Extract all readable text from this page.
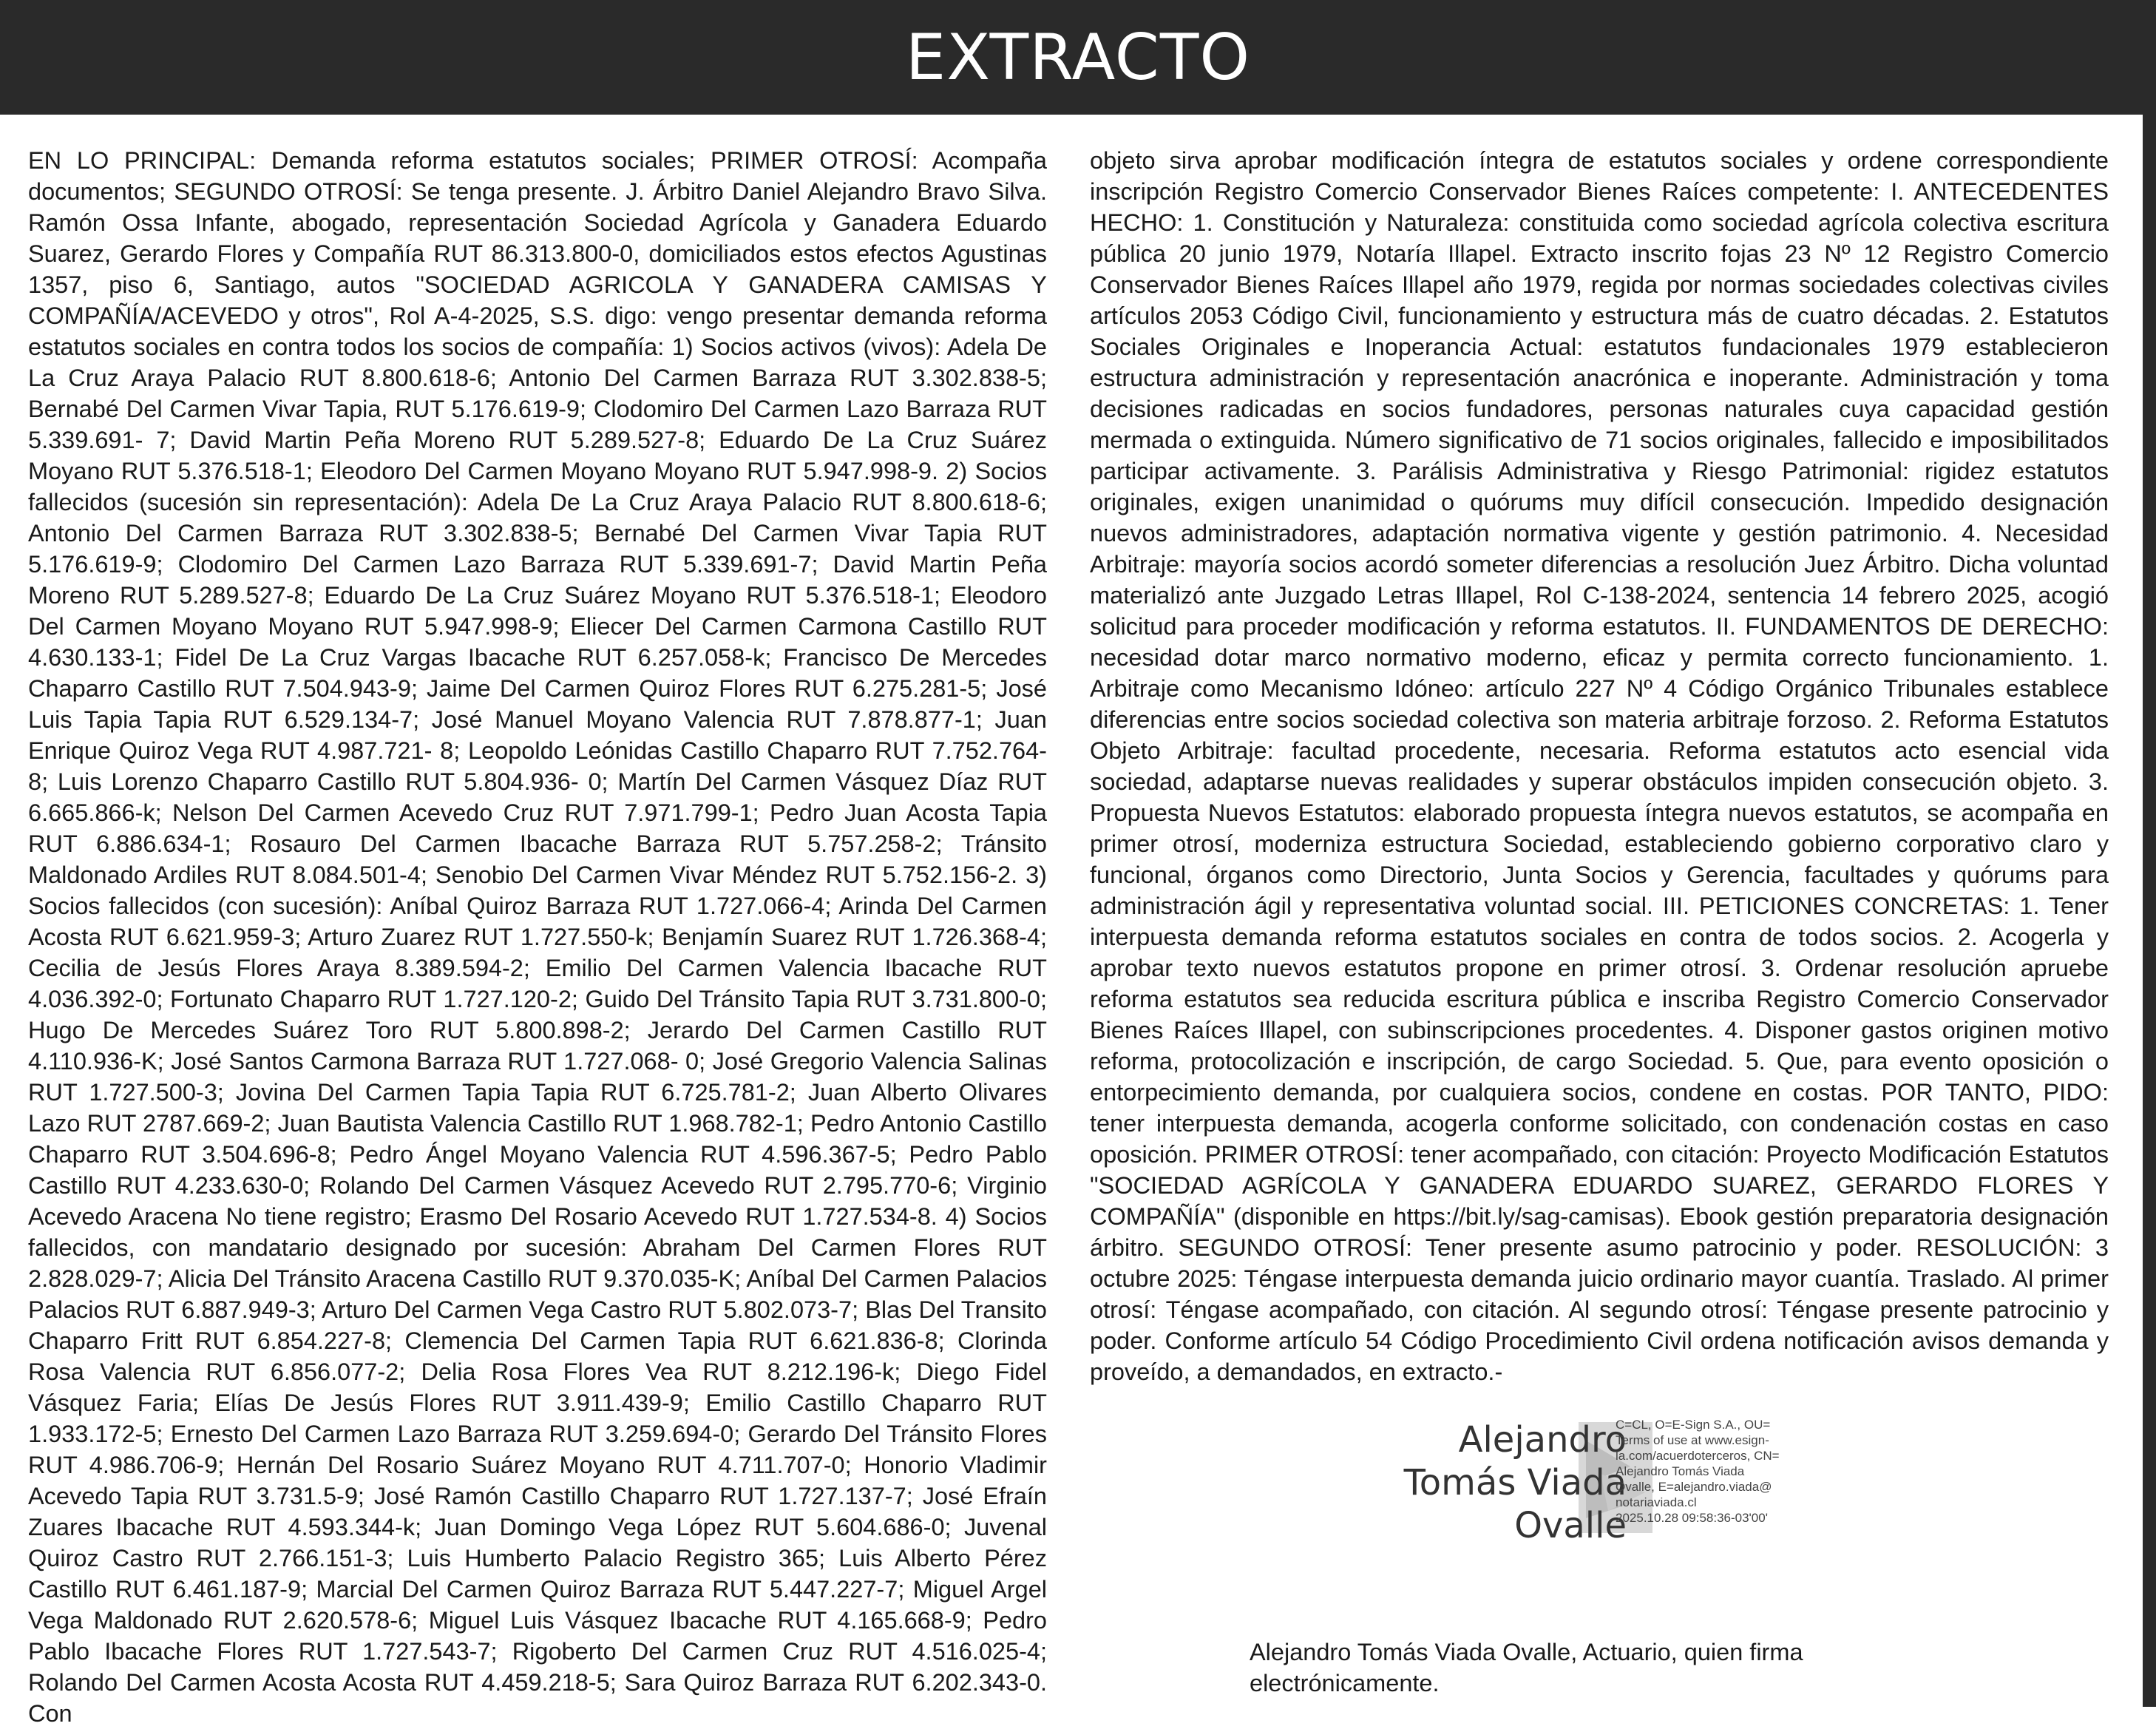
EXTRACTO
EN LO PRINCIPAL: Demanda reforma estatutos sociales; PRIMER OTROSÍ: Acompaña documentos; SEGUNDO OTROSÍ: Se tenga presente. J. Árbitro Daniel Alejandro Bravo Silva. Ramón Ossa Infante, abogado, representación Sociedad Agrícola y Ganadera Eduardo Suarez, Gerardo Flores y Compañía RUT 86.313.800-0, domiciliados estos efectos Agustinas 1357, piso 6, Santiago, autos "SOCIEDAD AGRICOLA Y GANADERA CAMISAS Y COMPAÑÍA/ACEVEDO y otros", Rol A-4-2025, S.S. digo: vengo presentar demanda reforma estatutos sociales en contra todos los socios de compañía: 1) Socios activos (vivos): Adela De La Cruz Araya Palacio RUT 8.800.618-6; Antonio Del Carmen Barraza RUT 3.302.838-5; Bernabé Del Carmen Vivar Tapia, RUT 5.176.619-9; Clodomiro Del Carmen Lazo Barraza RUT 5.339.691- 7; David Martin Peña Moreno RUT 5.289.527-8; Eduardo De La Cruz Suárez Moyano RUT 5.376.518-1; Eleodoro Del Carmen Moyano Moyano RUT 5.947.998-9. 2) Socios fallecidos (sucesión sin representación): Adela De La Cruz Araya Palacio RUT 8.800.618-6; Antonio Del Carmen Barraza RUT 3.302.838-5; Bernabé Del Carmen Vivar Tapia RUT 5.176.619-9; Clodomiro Del Carmen Lazo Barraza RUT 5.339.691-7; David Martin Peña Moreno RUT 5.289.527-8; Eduardo De La Cruz Suárez Moyano RUT 5.376.518-1; Eleodoro Del Carmen Moyano Moyano RUT 5.947.998-9; Eliecer Del Carmen Carmona Castillo RUT 4.630.133-1; Fidel De La Cruz Vargas Ibacache RUT 6.257.058-k; Francisco De Mercedes Chaparro Castillo RUT 7.504.943-9; Jaime Del Carmen Quiroz Flores RUT 6.275.281-5; José Luis Tapia Tapia RUT 6.529.134-7; José Manuel Moyano Valencia RUT 7.878.877-1; Juan Enrique Quiroz Vega RUT 4.987.721- 8; Leopoldo Leónidas Castillo Chaparro RUT 7.752.764-8; Luis Lorenzo Chaparro Castillo RUT 5.804.936- 0; Martín Del Carmen Vásquez Díaz RUT 6.665.866-k; Nelson Del Carmen Acevedo Cruz RUT 7.971.799-1; Pedro Juan Acosta Tapia RUT 6.886.634-1; Rosauro Del Carmen Ibacache Barraza RUT 5.757.258-2; Tránsito Maldonado Ardiles RUT 8.084.501-4; Senobio Del Carmen Vivar Méndez RUT 5.752.156-2. 3) Socios fallecidos (con sucesión): Aníbal Quiroz Barraza RUT 1.727.066-4; Arinda Del Carmen Acosta RUT 6.621.959-3; Arturo Zuarez RUT 1.727.550-k; Benjamín Suarez RUT 1.726.368-4; Cecilia de Jesús Flores Araya 8.389.594-2; Emilio Del Carmen Valencia Ibacache RUT 4.036.392-0; Fortunato Chaparro RUT 1.727.120-2; Guido Del Tránsito Tapia RUT 3.731.800-0; Hugo De Mercedes Suárez Toro RUT 5.800.898-2; Jerardo Del Carmen Castillo RUT 4.110.936-K; José Santos Carmona Barraza RUT 1.727.068- 0; José Gregorio Valencia Salinas RUT 1.727.500-3; Jovina Del Carmen Tapia Tapia RUT 6.725.781-2; Juan Alberto Olivares Lazo RUT 2787.669-2; Juan Bautista Valencia Castillo RUT 1.968.782-1; Pedro Antonio Castillo Chaparro RUT 3.504.696-8; Pedro Ángel Moyano Valencia RUT 4.596.367-5; Pedro Pablo Castillo RUT 4.233.630-0; Rolando Del Carmen Vásquez Acevedo RUT 2.795.770-6; Virginio Acevedo Aracena No tiene registro; Erasmo Del Rosario Acevedo RUT 1.727.534-8. 4) Socios fallecidos, con mandatario designado por sucesión: Abraham Del Carmen Flores RUT 2.828.029-7; Alicia Del Tránsito Aracena Castillo RUT 9.370.035-K; Aníbal Del Carmen Palacios Palacios RUT 6.887.949-3; Arturo Del Carmen Vega Castro RUT 5.802.073-7; Blas Del Transito Chaparro Fritt RUT 6.854.227-8; Clemencia Del Carmen Tapia RUT 6.621.836-8; Clorinda Rosa Valencia RUT 6.856.077-2; Delia Rosa Flores Vea RUT 8.212.196-k; Diego Fidel Vásquez Faria; Elías De Jesús Flores RUT 3.911.439-9; Emilio Castillo Chaparro RUT 1.933.172-5; Ernesto Del Carmen Lazo Barraza RUT 3.259.694-0; Gerardo Del Tránsito Flores RUT 4.986.706-9; Hernán Del Rosario Suárez Moyano RUT 4.711.707-0; Honorio Vladimir Acevedo Tapia RUT 3.731.5-9; José Ramón Castillo Chaparro RUT 1.727.137-7; José Efraín Zuares Ibacache RUT 4.593.344-k; Juan Domingo Vega López RUT 5.604.686-0; Juvenal Quiroz Castro RUT 2.766.151-3; Luis Humberto Palacio Registro 365; Luis Alberto Pérez Castillo RUT 6.461.187-9; Marcial Del Carmen Quiroz Barraza RUT 5.447.227-7; Miguel Argel Vega Maldonado RUT 2.620.578-6; Miguel Luis Vásquez Ibacache RUT 4.165.668-9; Pedro Pablo Ibacache Flores RUT 1.727.543-7; Rigoberto Del Carmen Cruz RUT 4.516.025-4; Rolando Del Carmen Acosta Acosta RUT 4.459.218-5; Sara Quiroz Barraza RUT 6.202.343-0. Con
objeto sirva aprobar modificación íntegra de estatutos sociales y ordene correspondiente inscripción Registro Comercio Conservador Bienes Raíces competente: I. ANTECEDENTES HECHO: 1. Constitución y Naturaleza: constituida como sociedad agrícola colectiva escritura pública 20 junio 1979, Notaría Illapel. Extracto inscrito fojas 23 Nº 12 Registro Comercio Conservador Bienes Raíces Illapel año 1979, regida por normas sociedades colectivas civiles artículos 2053 Código Civil, funcionamiento y estructura más de cuatro décadas. 2. Estatutos Sociales Originales e Inoperancia Actual: estatutos fundacionales 1979 establecieron estructura administración y representación anacrónica e inoperante. Administración y toma decisiones radicadas en socios fundadores, personas naturales cuya capacidad gestión mermada o extinguida. Número significativo de 71 socios originales, fallecido e imposibilitados participar activamente. 3. Parálisis Administrativa y Riesgo Patrimonial: rigidez estatutos originales, exigen unanimidad o quórums muy difícil consecución. Impedido designación nuevos administradores, adaptación normativa vigente y gestión patrimonio. 4. Necesidad Arbitraje: mayoría socios acordó someter diferencias a resolución Juez Árbitro. Dicha voluntad materializó ante Juzgado Letras Illapel, Rol C-138-2024, sentencia 14 febrero 2025, acogió solicitud para proceder modificación y reforma estatutos. II. FUNDAMENTOS DE DERECHO: necesidad dotar marco normativo moderno, eficaz y permita correcto funcionamiento. 1. Arbitraje como Mecanismo Idóneo: artículo 227 Nº 4 Código Orgánico Tribunales establece diferencias entre socios sociedad colectiva son materia arbitraje forzoso. 2. Reforma Estatutos Objeto Arbitraje: facultad procedente, necesaria. Reforma estatutos acto esencial vida sociedad, adaptarse nuevas realidades y superar obstáculos impiden consecución objeto. 3. Propuesta Nuevos Estatutos: elaborado propuesta íntegra nuevos estatutos, se acompaña en primer otrosí, moderniza estructura Sociedad, estableciendo gobierno corporativo claro y funcional, órganos como Directorio, Junta Socios y Gerencia, facultades y quórums para administración ágil y representativa voluntad social. III. PETICIONES CONCRETAS: 1. Tener interpuesta demanda reforma estatutos sociales en contra de todos socios. 2. Acogerla y aprobar texto nuevos estatutos propone en primer otrosí. 3. Ordenar resolución apruebe reforma estatutos sea reducida escritura pública e inscriba Registro Comercio Conservador Bienes Raíces Illapel, con subinscripciones procedentes. 4. Disponer gastos originen motivo reforma, protocolización e inscripción, de cargo Sociedad. 5. Que, para evento oposición o entorpecimiento demanda, por cualquiera socios, condene en costas. POR TANTO, PIDO: tener interpuesta demanda, acogerla conforme solicitado, con condenación costas en caso oposición. PRIMER OTROSÍ: tener acompañado, con citación: Proyecto Modificación Estatutos "SOCIEDAD AGRÍCOLA Y GANADERA EDUARDO SUAREZ, GERARDO FLORES Y COMPAÑÍA" (disponible en https://bit.ly/sag-camisas). Ebook gestión preparatoria designación árbitro. SEGUNDO OTROSÍ: Tener presente asumo patrocinio y poder. RESOLUCIÓN: 3 octubre 2025: Téngase interpuesta demanda juicio ordinario mayor cuantía. Traslado. Al primer otrosí: Téngase acompañado, con citación. Al segundo otrosí: Téngase presente patrocinio y poder. Conforme artículo 54 Código Procedimiento Civil ordena notificación avisos demanda y proveído, a demandados, en extracto.-
Alejandro
Tomás Viada
Ovalle
C=CL, O=E-Sign S.A., OU=
Terms of use at www.esign-
la.com/acuerdoterceros, CN=
Alejandro Tomás Viada
Ovalle, E=alejandro.viada@
notariaviada.cl
2025.10.28 09:58:36-03'00'
Alejandro Tomás Viada Ovalle, Actuario, quien firma electrónicamente.
